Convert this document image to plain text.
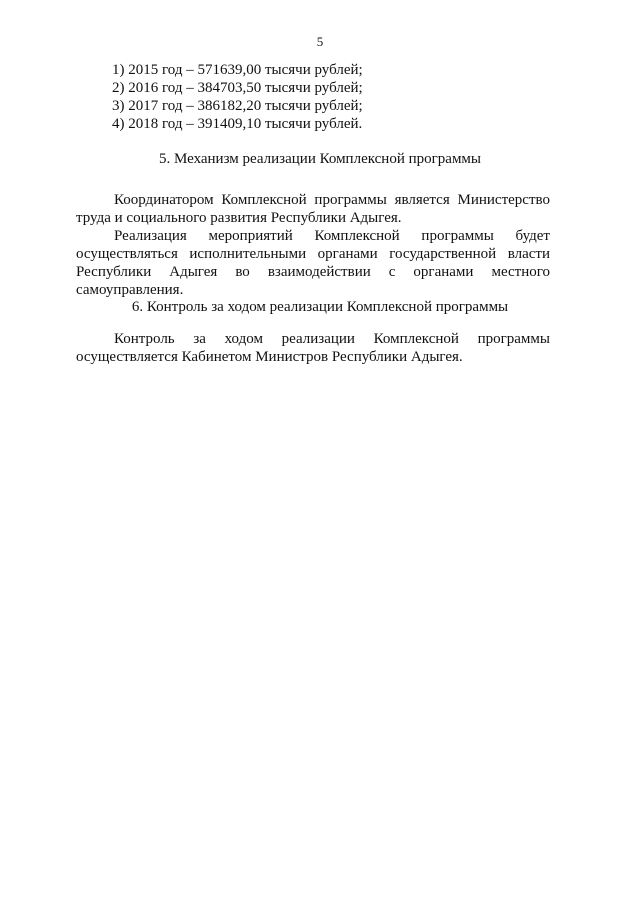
5
1) 2015 год – 571639,00 тысячи рублей;
2) 2016 год – 384703,50 тысячи рублей;
3) 2017 год – 386182,20 тысячи рублей;
4) 2018 год – 391409,10 тысячи рублей.
5. Механизм реализации Комплексной программы
Координатором Комплексной программы является Министерство труда и социального развития Республики Адыгея.
Реализация мероприятий Комплексной программы будет осуществляться исполнительными органами государственной власти Республики Адыгея во взаимодействии с органами местного самоуправления.
6. Контроль за ходом реализации Комплексной программы
Контроль за ходом реализации Комплексной программы осуществляется Кабинетом Министров Республики Адыгея.
